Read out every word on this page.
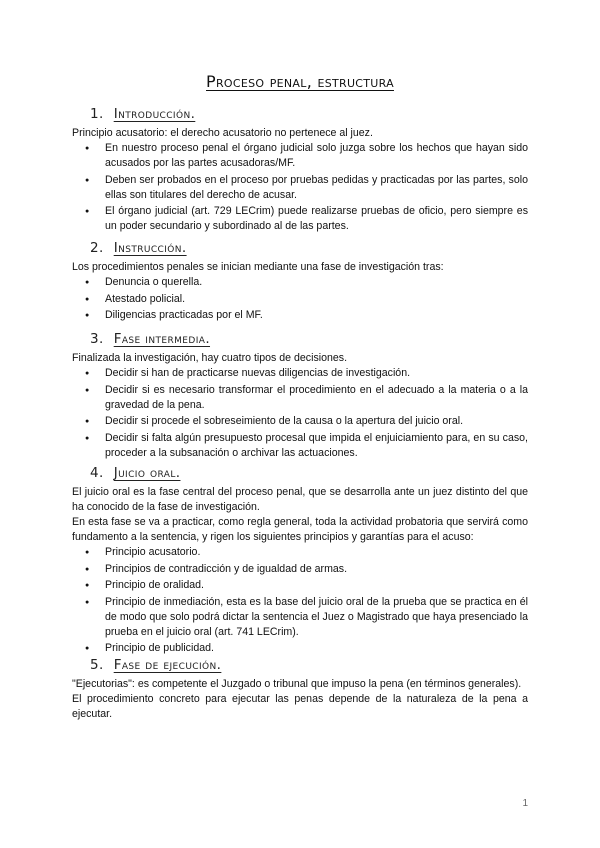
Proceso penal, estructura
1. Introducción.

Principio acusatorio: el derecho acusatorio no pertenece al juez.

● En nuestro proceso penal el órgano judicial solo juzga sobre los hechos que hayan sido acusados por las partes acusadoras/MF.
● Deben ser probados en el proceso por pruebas pedidas y practicadas por las partes, solo ellas son titulares del derecho de acusar.
● El órgano judicial (art. 729 LECrim) puede realizarse pruebas de oficio, pero siempre es un poder secundario y subordinado al de las partes.
2. Instrucción.

Los procedimientos penales se inician mediante una fase de investigación tras:

● Denuncia o querella.
● Atestado policial.
● Diligencias practicadas por el MF.
3. Fase intermedia.

Finalizada la investigación, hay cuatro tipos de decisiones.

● Decidir si han de practicarse nuevas diligencias de investigación.
● Decidir si es necesario transformar el procedimiento en el adecuado a la materia o a la gravedad de la pena.
● Decidir si procede el sobreseimiento de la causa o la apertura del juicio oral.
● Decidir si falta algún presupuesto procesal que impida el enjuiciamiento para, en su caso, proceder a la subsanación o archivar las actuaciones.
4. Juicio oral.

El juicio oral es la fase central del proceso penal, que se desarrolla ante un juez distinto del que ha conocido de la fase de investigación.

En esta fase se va a practicar, como regla general, toda la actividad probatoria que servirá como fundamento a la sentencia, y rigen los siguientes principios y garantías para el acuso:

● Principio acusatorio.
● Principios de contradicción y de igualdad de armas.
● Principio de oralidad.
● Principio de inmediación, esta es la base del juicio oral de la prueba que se practica en él de modo que solo podrá dictar la sentencia el Juez o Magistrado que haya presenciado la prueba en el juicio oral (art. 741 LECrim).
● Principio de publicidad.
5. Fase de ejecución.

"Ejecutorias": es competente el Juzgado o tribunal que impuso la pena (en términos generales).

El procedimiento concreto para ejecutar las penas depende de la naturaleza de la pena a ejecutar.

1
